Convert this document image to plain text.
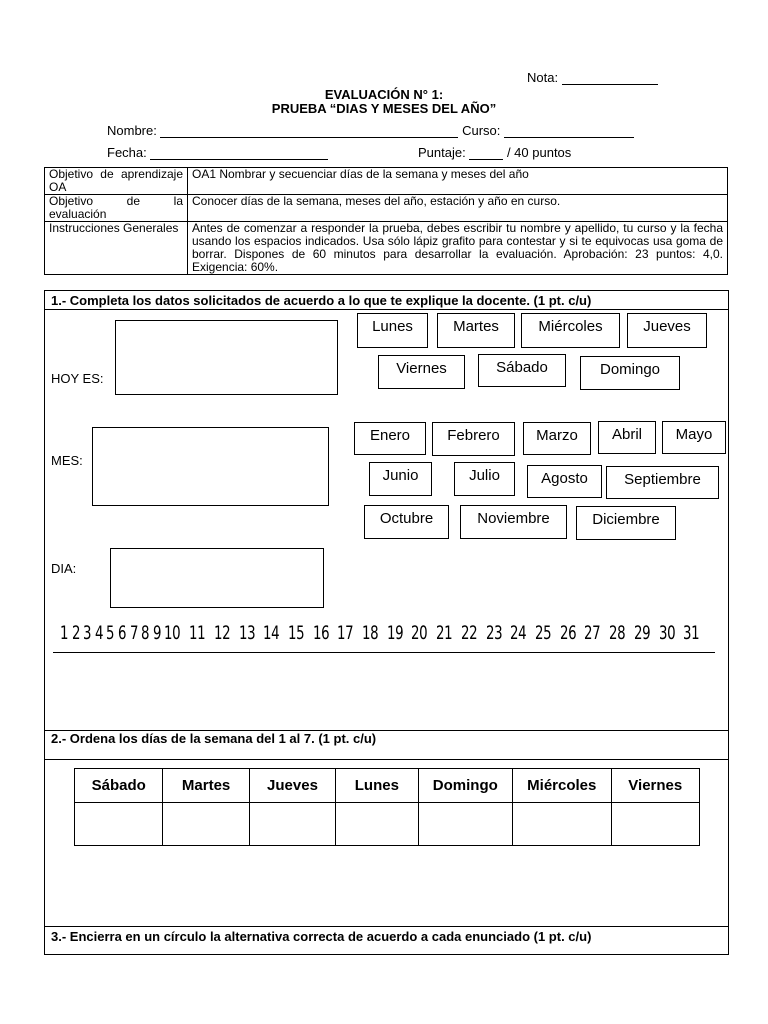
Nota:
EVALUACIÓN N° 1:
PRUEBA “DIAS Y MESES DEL AÑO”
Nombre:	Curso:
Fecha:	Puntaje:	/ 40 puntos
Objetivo de aprendizaje OA	OA1 Nombrar y secuenciar días de la semana y meses del año

Objetivo de la evaluación	Conocer días de la semana, meses del año, estación y año en curso.
Instrucciones Generales	Antes de comenzar a responder la prueba, debes escribir tu nombre y apellido, tu curso y la fecha usando los espacios indicados. Usa sólo lápiz grafito para contestar y si te equivocas usa goma de borrar. Dispones de 60 minutos para desarrollar la evaluación. Aprobación: 23 puntos: 4,0. Exigencia: 60%.
1.- Completa los datos solicitados de acuerdo a lo que te explique la docente. (1 pt. c/u)
HOY ES:
MES:
DIA:
Lunes	Martes	Miércoles	Jueves
Viernes	Sábado	Domingo
Enero	Febrero	Marzo	Abril	Mayo
Junio	Julio	Agosto	Septiembre
Octubre	Noviembre	Diciembre
1 2 3 4 5 6 7 8 9 10 11 12 13 14 15 16 17 18 19 20 21 22 23 24 25 26 27 28 29 30 31
2.- Ordena los días de la semana del 1 al 7. (1 pt. c/u)
Sábado	Martes	Jueves	Lunes	Domingo	Miércoles	Viernes

3.- Encierra en un círculo la alternativa correcta de acuerdo a cada enunciado (1 pt. c/u)
